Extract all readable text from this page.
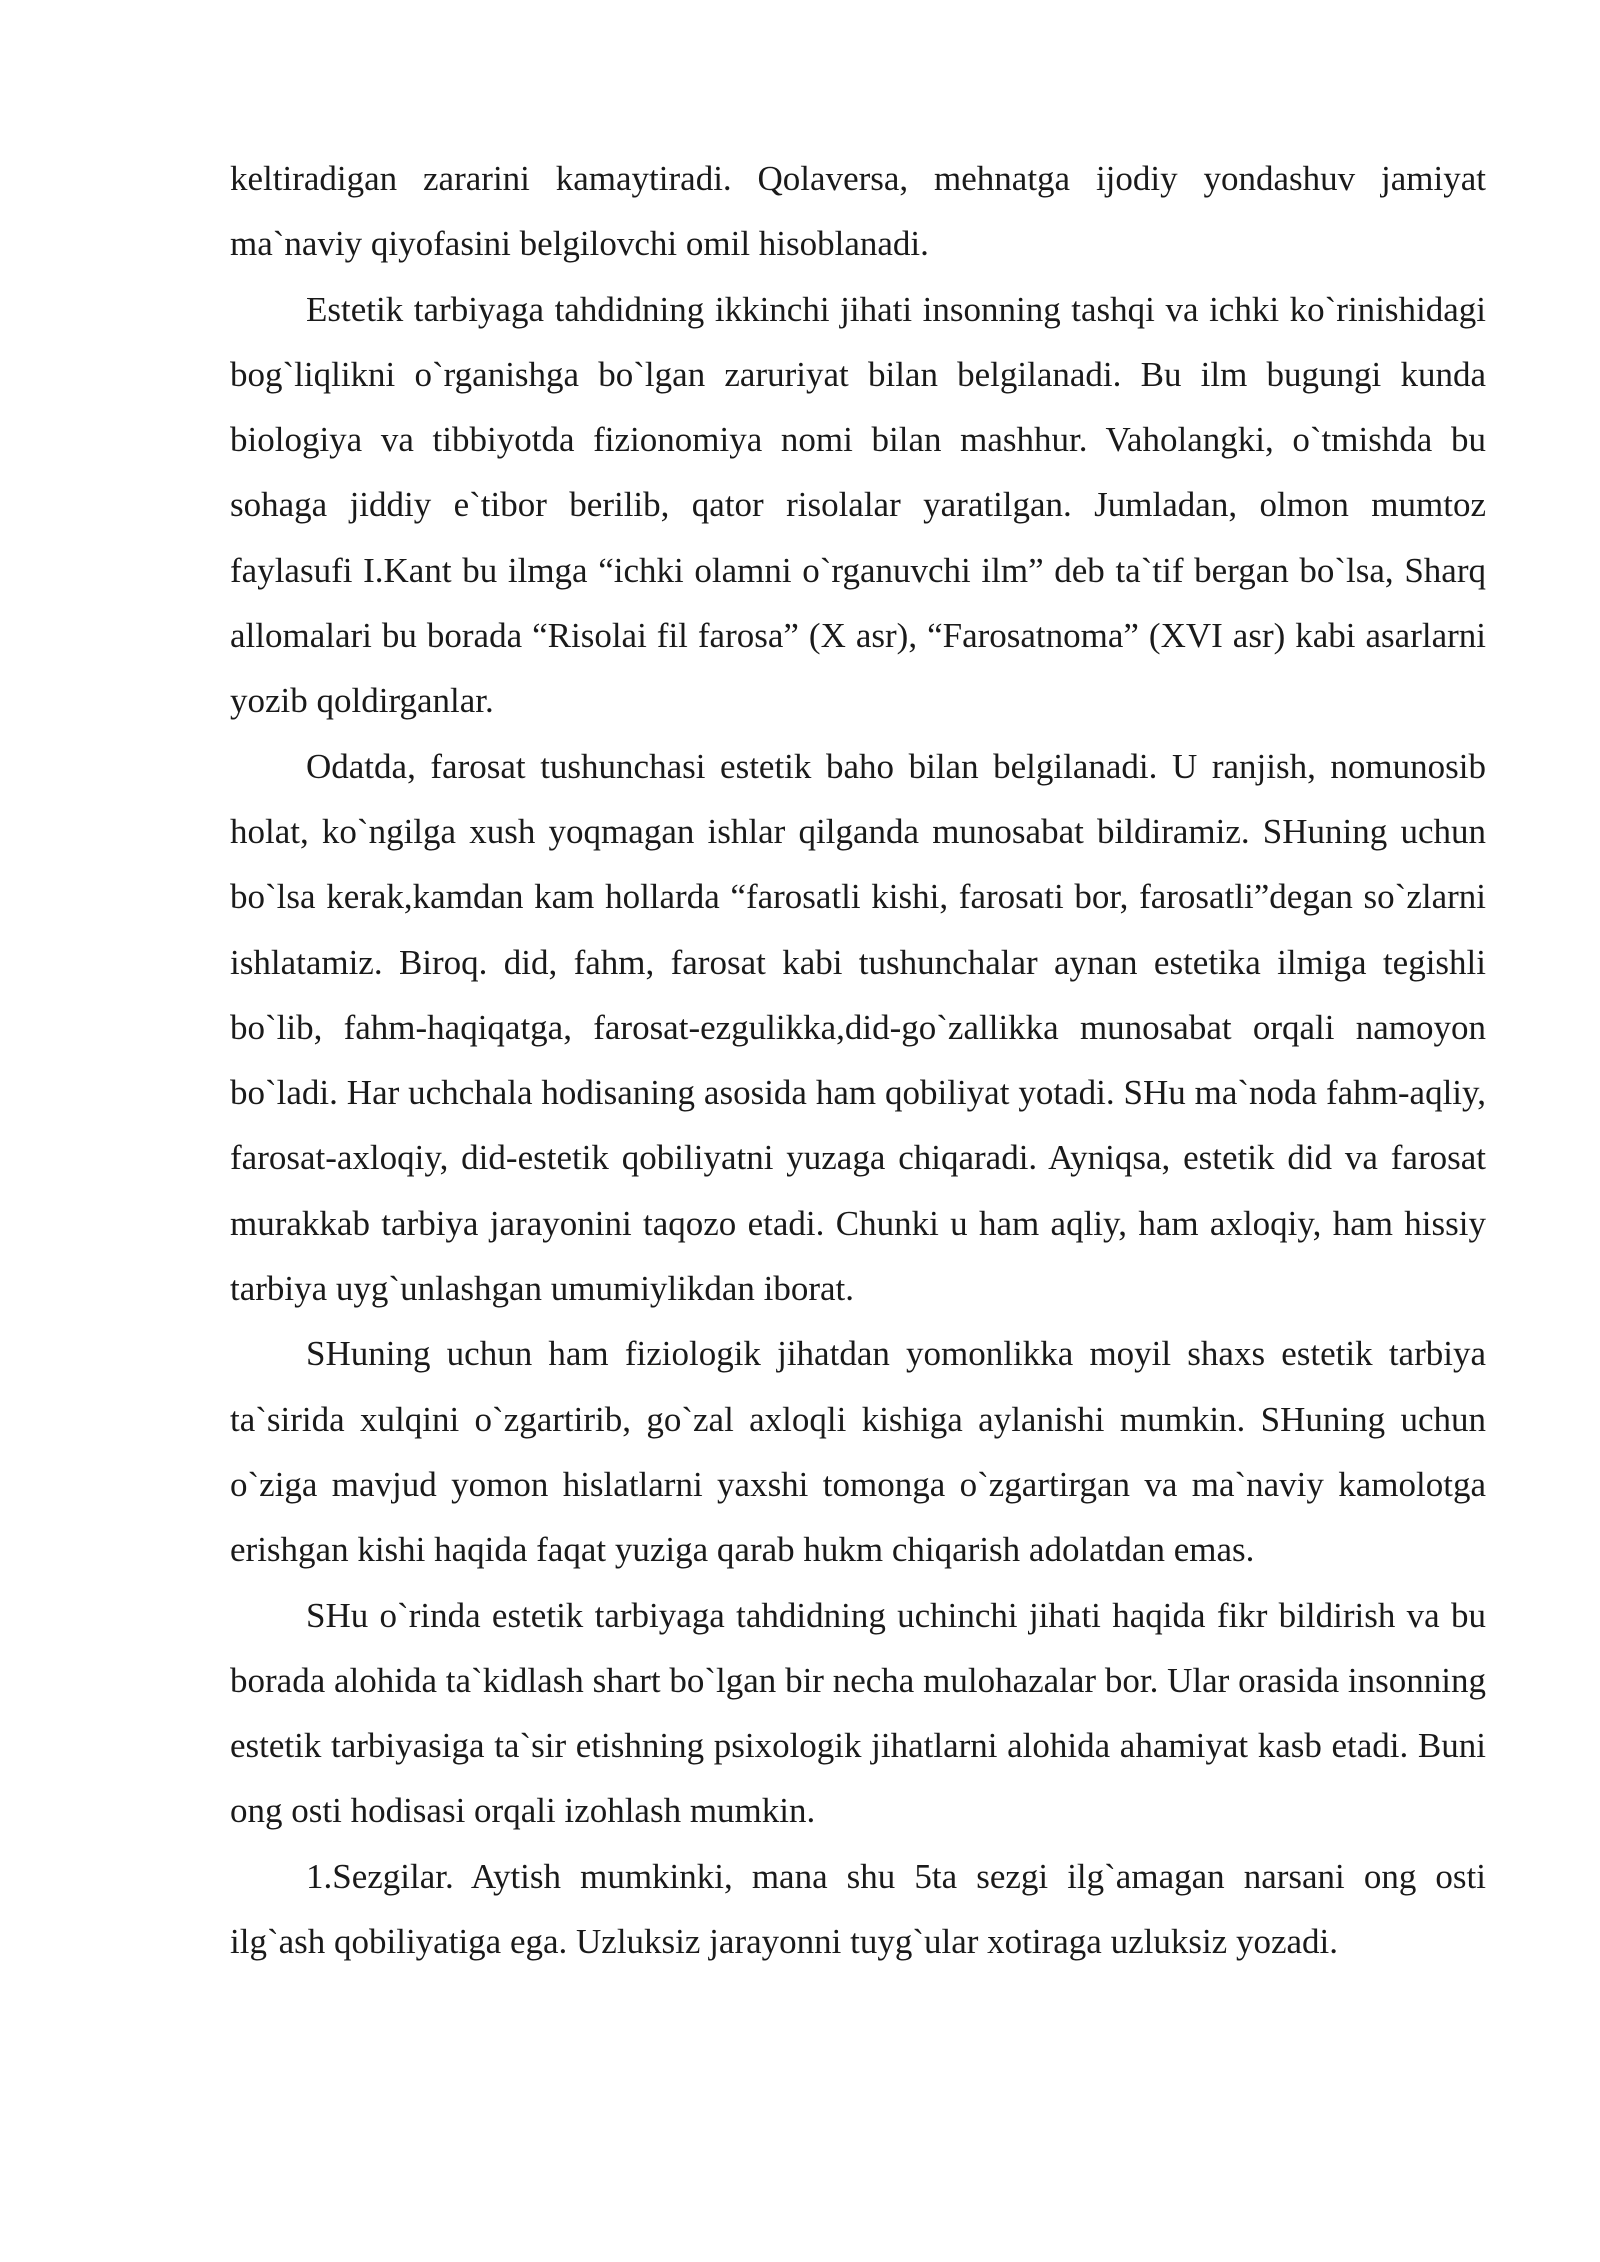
keltiradigan zararini kamaytiradi. Qolaversa, mehnatga ijodiy yondashuv jamiyat ma`naviy qiyofasini belgilovchi omil hisoblanadi.

Estetik tarbiyaga tahdidning ikkinchi jihati insonning tashqi va ichki ko`rinishidagi bog`liqlikni o`rganishga bo`lgan zaruriyat bilan belgilanadi. Bu ilm bugungi kunda biologiya va tibbiyotda fizionomiya nomi bilan mashhur. Vaholangki, o`tmishda bu sohaga jiddiy e`tibor berilib, qator risolalar yaratilgan. Jumladan, olmon mumtoz faylasufi I.Kant bu ilmga “ichki olamni o`rganuvchi ilm” deb ta`tif bergan bo`lsa, Sharq allomalari bu borada “Risolai fil farosa” (X asr), “Farosatnoma” (XVI asr) kabi asarlarni yozib qoldirganlar.

Odatda, farosat tushunchasi estetik baho bilan belgilanadi. U ranjish, nomunosib holat, ko`ngilga xush yoqmagan ishlar qilganda munosabat bildiramiz. SHuning uchun bo`lsa kerak,kamdan kam hollarda “farosatli kishi, farosati bor, farosatli”degan so`zlarni ishlatamiz. Biroq. did, fahm, farosat kabi tushunchalar aynan estetika ilmiga tegishli bo`lib, fahm-haqiqatga, farosat-ezgulikka,did-go`zallikka munosabat orqali namoyon bo`ladi. Har uchchala hodisaning asosida ham qobiliyat yotadi. SHu ma`noda fahm-aqliy, farosat-axloqiy, did-estetik qobiliyatni yuzaga chiqaradi. Ayniqsa, estetik did va farosat murakkab tarbiya jarayonini taqozo etadi. Chunki u ham aqliy, ham axloqiy, ham hissiy tarbiya uyg`unlashgan umumiylikdan iborat.

SHuning uchun ham fiziologik jihatdan yomonlikka moyil shaxs estetik tarbiya ta`sirida xulqini o`zgartirib, go`zal axloqli kishiga aylanishi mumkin. SHuning uchun o`ziga mavjud yomon hislatlarni yaxshi tomonga o`zgartirgan va ma`naviy kamolotga erishgan kishi haqida faqat yuziga qarab hukm chiqarish adolatdan emas.

SHu o`rinda estetik tarbiyaga tahdidning uchinchi jihati haqida fikr bildirish va bu borada alohida ta`kidlash shart bo`lgan bir necha mulohazalar bor. Ular orasida insonning estetik tarbiyasiga ta`sir etishning psixologik jihatlarni alohida ahamiyat kasb etadi. Buni ong osti hodisasi orqali izohlash mumkin.

1.Sezgilar. Aytish mumkinki, mana shu 5ta sezgi ilg`amagan narsani ong osti ilg`ash qobiliyatiga ega. Uzluksiz jarayonni tuyg`ular xotiraga uzluksiz yozadi.
